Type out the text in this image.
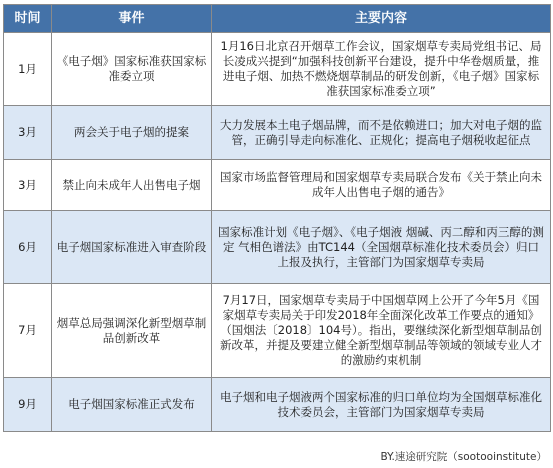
时间	事件	主要内容
1月	《电子烟》国家标准获国家标准委立项	1月16日北京召开烟草工作会议，国家烟草专卖局党组书记、局长凌成兴提到“加强科技创新平台建设，提升中华卷烟质量，推进电子烟、加热不燃烧烟草制品的研发创新，《电子烟》国家标准获国家标准委立项”
3月	两会关于电子烟的提案	大力发展本土电子烟品牌，而不是依赖进口；加大对电子烟的监管，正确引导走向标准化、正规化；提高电子烟税收起征点
3月	禁止向未成年人出售电子烟	国家市场监督管理局和国家烟草专卖局联合发布《关于禁止向未成年人出售电子烟的通告》
6月	电子烟国家标准进入审查阶段	国家标准计划《电子烟》、《电子烟液 烟碱、丙二醇和丙三醇的测定 气相色谱法》由TC144（全国烟草标准化技术委员会）归口上报及执行，主管部门为国家烟草专卖局
7月	烟草总局强调深化新型烟草制品创新改革	7月17日，国家烟草专卖局于中国烟草网上公开了今年5月《国家烟草专卖局关于印发2018年全面深化改革工作要点的通知》（国烟法〔2018〕104号）。指出，要继续深化新型烟草制品创新改革，并提及要建立健全新型烟草制品等领域的领域专业人才的激励约束机制
9月	电子烟国家标准正式发布	电子烟和电子烟液两个国家标准的归口单位均为全国烟草标准化技术委员会，主管部门为国家烟草专卖局
BY.速途研究院（sootooinstitute）
